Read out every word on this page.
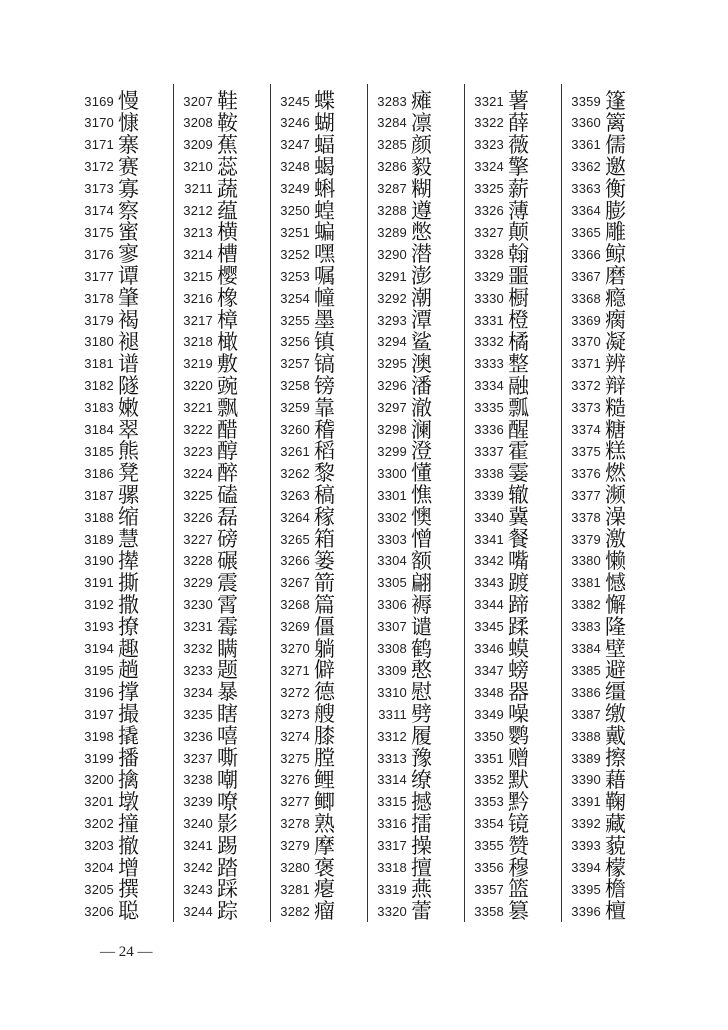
3169 慢
3170 慷
3171 寨
3172 赛
3173 寡
3174 察
3175 蜜
3176 寥
3177 谭
3178 肇
3179 褐
3180 褪
3181 谱
3182 隧
3183 嫩
3184 翠
3185 熊
3186 凳
3187 骡
3188 缩
3189 慧
3190 撵
3191 撕
3192 撒
3193 撩
3194 趣
3195 趟
3196 撑
3197 撮
3198 撬
3199 播
3200 擒
3201 墩
3202 撞
3203 撤
3204 增
3205 撰
3206 聪
3207 鞋
3208 鞍
3209 蕉
3210 蕊
3211 蔬
3212 蕴
3213 横
3214 槽
3215 樱
3216 橡
3217 樟
3218 橄
3219 敷
3220 豌
3221 飘
3222 醋
3223 醇
3224 醉
3225 磕
3226 磊
3227 磅
3228 碾
3229 震
3230 霄
3231 霉
3232 瞒
3233 题
3234 暴
3235 瞎
3236 嘻
3237 嘶
3238 嘲
3239 嘹
3240 影
3241 踢
3242 踏
3243 踩
3244 踪
3245 蝶
3246 蝴
3247 蝠
3248 蝎
3249 蝌
3250 蝗
3251 蝙
3252 嘿
3253 嘱
3254 幢
3255 墨
3256 镇
3257 镐
3258 镑
3259 靠
3260 稽
3261 稻
3262 黎
3263 稿
3264 稼
3265 箱
3266 篓
3267 箭
3268 篇
3269 僵
3270 躺
3271 僻
3272 德
3273 艘
3274 膝
3275 膛
3276 鲤
3277 鲫
3278 熟
3279 摩
3280 褒
3281 瘪
3282 瘤
3283 瘫
3284 凛
3285 颜
3286 毅
3287 糊
3288 遵
3289 憋
3290 潜
3291 澎
3292 潮
3293 潭
3294 鲨
3295 澳
3296 潘
3297 澈
3298 澜
3299 澄
3300 懂
3301 憔
3302 懊
3303 憎
3304 额
3305 翩
3306 褥
3307 谴
3308 鹤
3309 憨
3310 慰
3311 劈
3312 履
3313 豫
3314 缭
3315 撼
3316 擂
3317 操
3318 擅
3319 燕
3320 蕾
3321 薯
3322 薛
3323 薇
3324 擎
3325 薪
3326 薄
3327 颠
3328 翰
3329 噩
3330 橱
3331 橙
3332 橘
3333 整
3334 融
3335 瓢
3336 醒
3337 霍
3338 霎
3339 辙
3340 冀
3341 餐
3342 嘴
3343 踱
3344 蹄
3345 蹂
3346 蟆
3347 螃
3348 器
3349 噪
3350 鹦
3351 赠
3352 默
3353 黔
3354 镜
3355 赞
3356 穆
3357 篮
3358 篡
3359 篷
3360 篱
3361 儒
3362 邀
3363 衡
3364 膨
3365 雕
3366 鲸
3367 磨
3368 瘾
3369 瘸
3370 凝
3371 辨
3372 辩
3373 糙
3374 糖
3375 糕
3376 燃
3377 濒
3378 澡
3379 激
3380 懒
3381 憾
3382 懈
3383 隆
3384 壁
3385 避
3386 缰
3387 缴
3388 戴
3389 擦
3390 藉
3391 鞠
3392 藏
3393 藐
3394 檬
3395 檐
3396 檀
— 24 —
